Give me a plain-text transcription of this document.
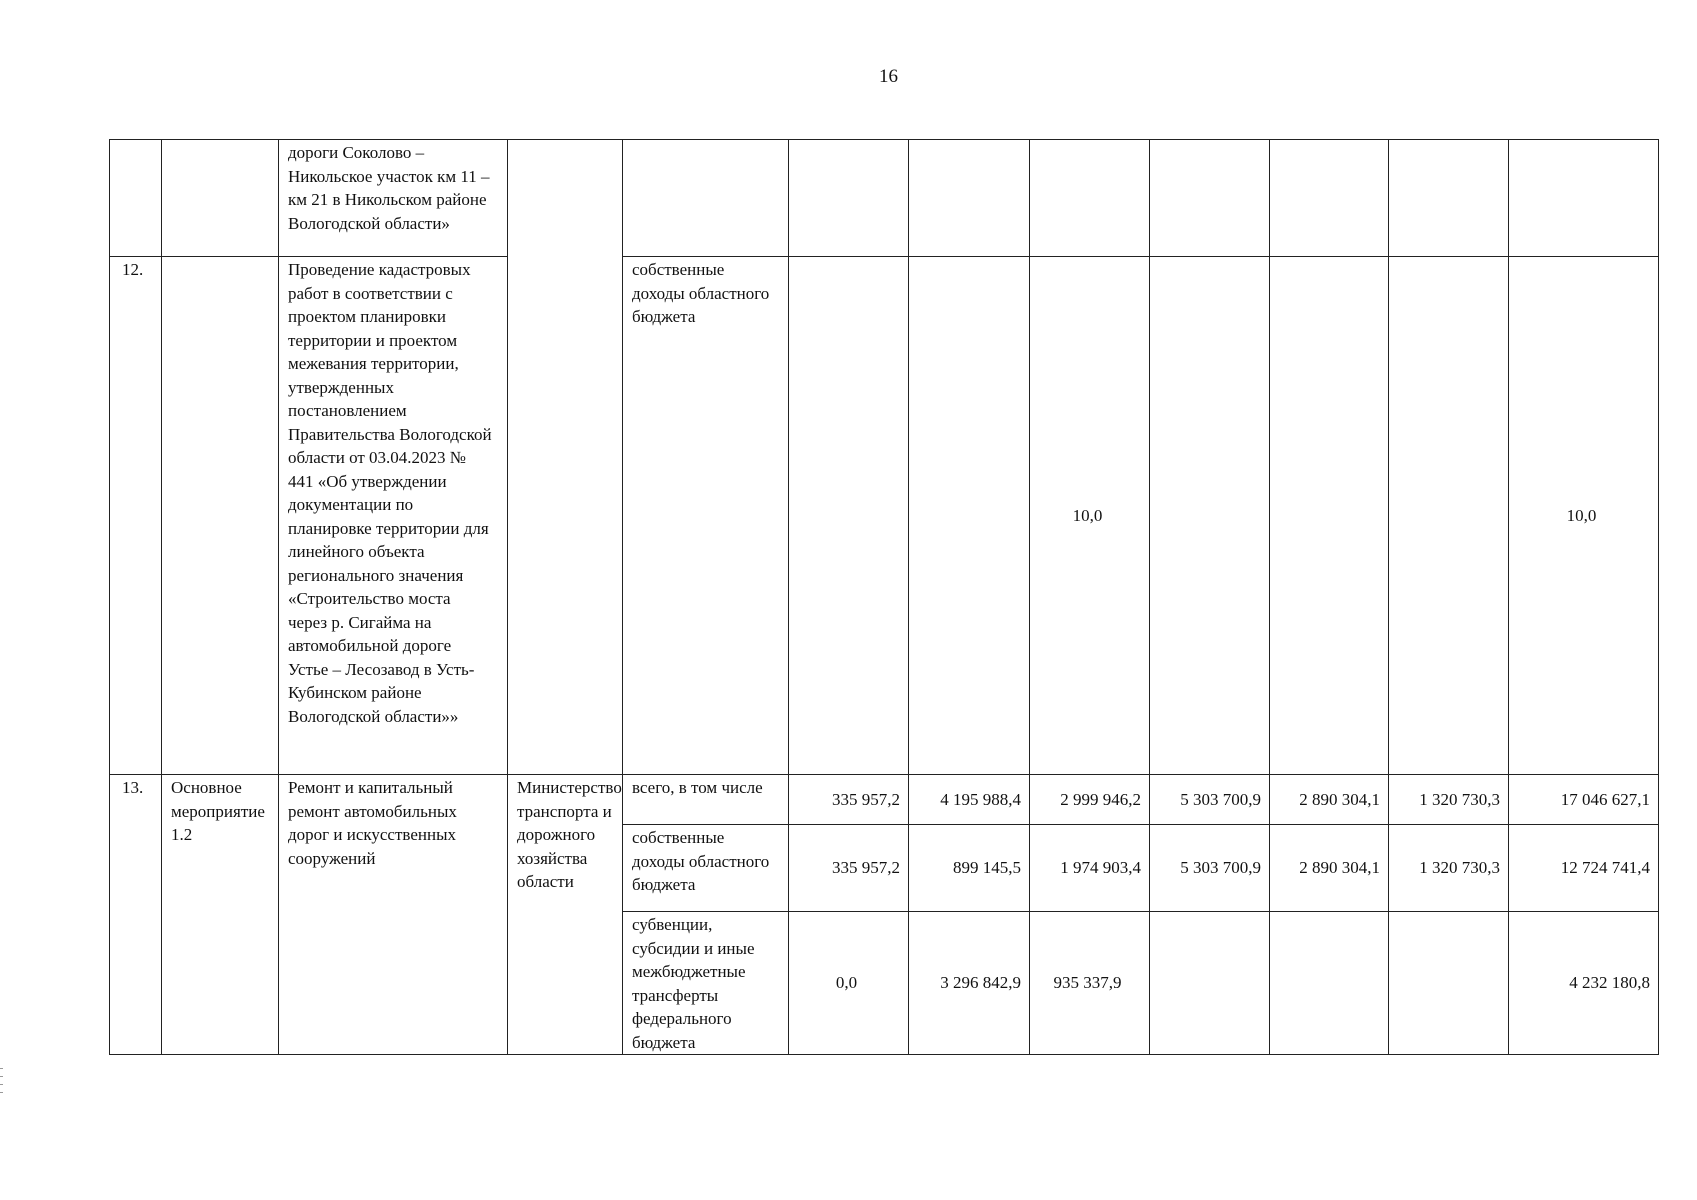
16

		дороги Соколово – Никольское участок км 11 – км 21 в Никольском районе Вологодской области»									

12.		Проведение кадастровых работ в соответствии с проектом планировки территории и проектом межевания территории, утвержденных постановлением Правительства Вологодской области от 03.04.2023 № 441 «Об утверждении документации по планировке территории для линейного объекта регионального значения «Строительство моста через р. Сигайма на автомобильной дороге Устье – Лесозавод в Усть-Кубинском районе Вологодской области»»		собственные доходы областного бюджета			10,0				10,0
13.	Основное мероприятие 1.2	Ремонт и капитальный ремонт автомобильных дорог и искусственных сооружений	Министерство транспорта и дорожного хозяйства области	всего, в том числе	335 957,2	4 195 988,4	2 999 946,2	5 303 700,9	2 890 304,1	1 320 730,3	17 046 627,1

				собственные доходы областного бюджета	335 957,2	899 145,5	1 974 903,4	5 303 700,9	2 890 304,1	1 320 730,3	12 724 741,4

				субвенции, субсидии и иные межбюджетные трансферты федерального бюджета	0,0	3 296 842,9	935 337,9				4 232 180,8
